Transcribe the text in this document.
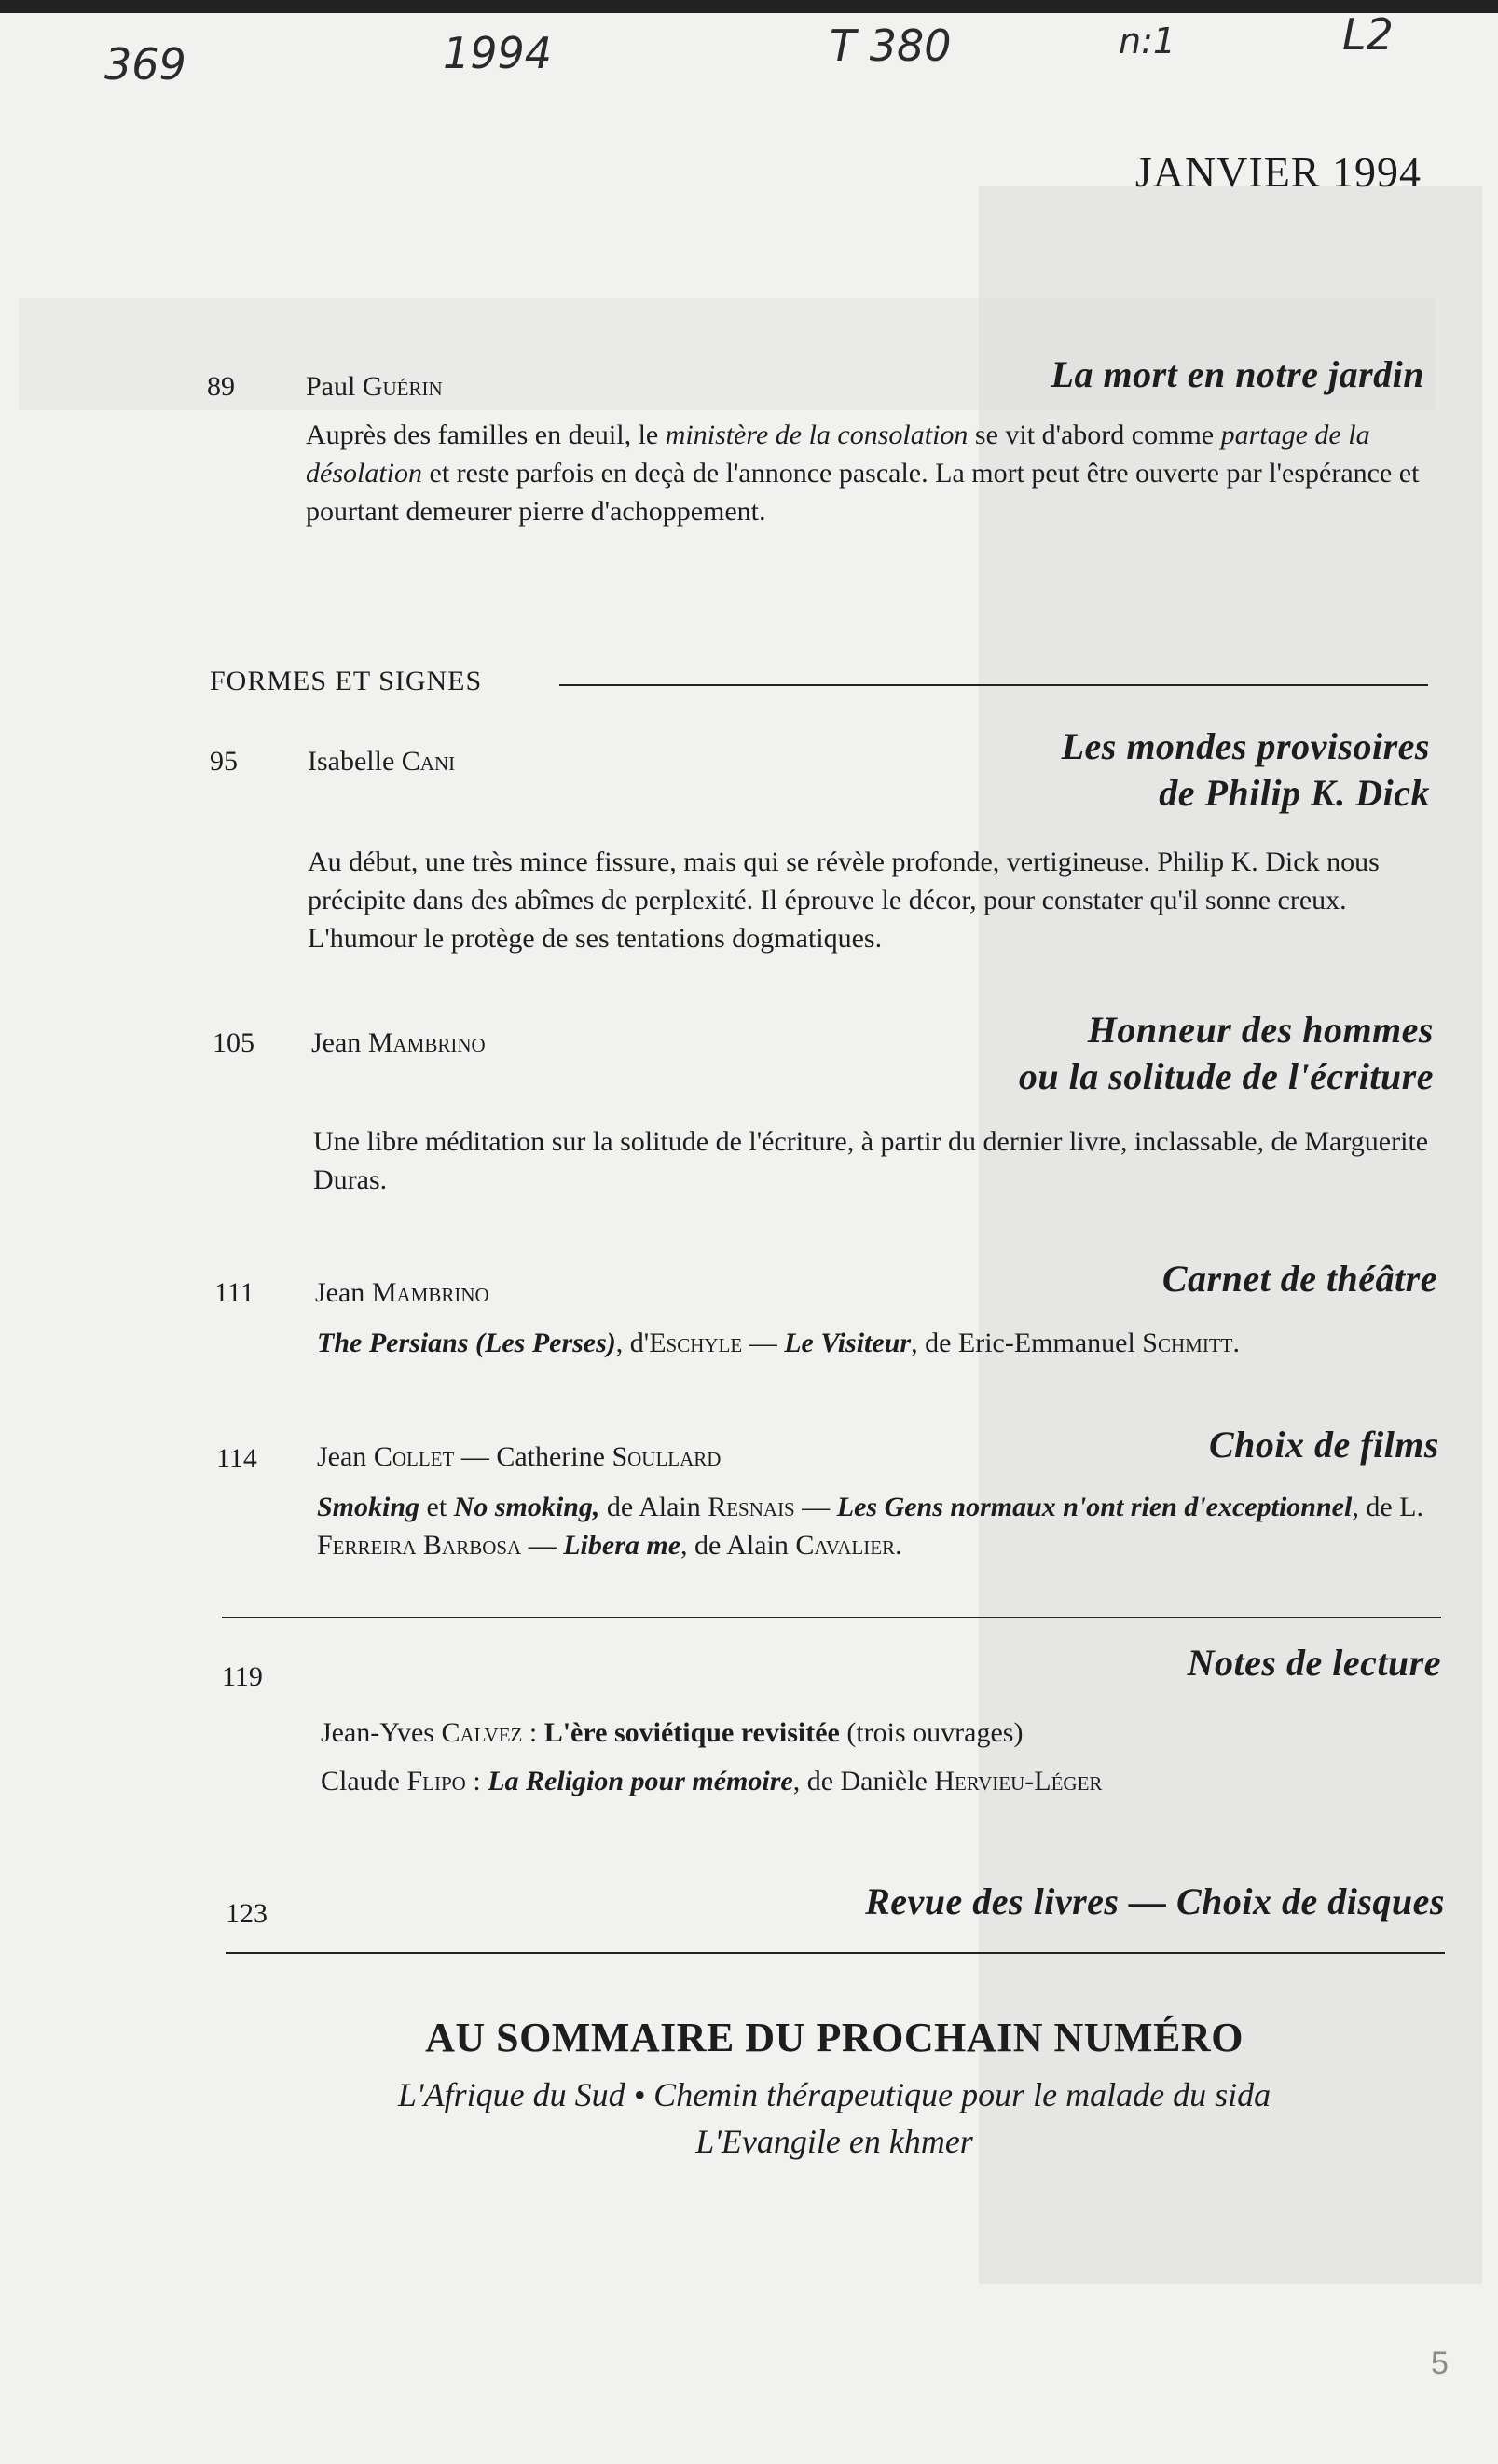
369	1994	T 380	n:1	L2
JANVIER 1994
89	Paul Guérin	La mort en notre jardin
Auprès des familles en deuil, le ministère de la consolation se vit d'abord comme partage de la désolation et reste parfois en deçà de l'annonce pascale. La mort peut être ouverte par l'espérance et pourtant demeurer pierre d'achoppement.
FORMES ET SIGNES
95	Isabelle Cani	Les mondes provisoires
de Philip K. Dick
Au début, une très mince fissure, mais qui se révèle profonde, vertigineuse. Philip K. Dick nous précipite dans des abîmes de perplexité. Il éprouve le décor, pour constater qu'il sonne creux. L'humour le protège de ses tentations dogmatiques.
105 Jean Mambrino	Honneur des hommes
ou la solitude de l'écriture
Une libre méditation sur la solitude de l'écriture, à partir du dernier livre, inclassable, de Marguerite Duras.
111 Jean Mambrino	Carnet de théâtre
The Persians (Les Perses), d'Eschyle — Le Visiteur, de Eric-Emmanuel Schmitt.
114 Jean Collet — Catherine Soullard	Choix de films
Smoking et No smoking, de Alain Resnais — Les Gens normaux n'ont rien d'exceptionnel, de L. Ferreira Barbosa — Libera me, de Alain Cavalier.
119	Notes de lecture
Jean-Yves Calvez : L'ère soviétique revisitée (trois ouvrages)
Claude Flipo : La Religion pour mémoire, de Danièle Hervieu-Léger
123	Revue des livres — Choix de disques
AU SOMMAIRE DU PROCHAIN NUMÉRO
L'Afrique du Sud • Chemin thérapeutique pour le malade du sida
L'Evangile en khmer
5
